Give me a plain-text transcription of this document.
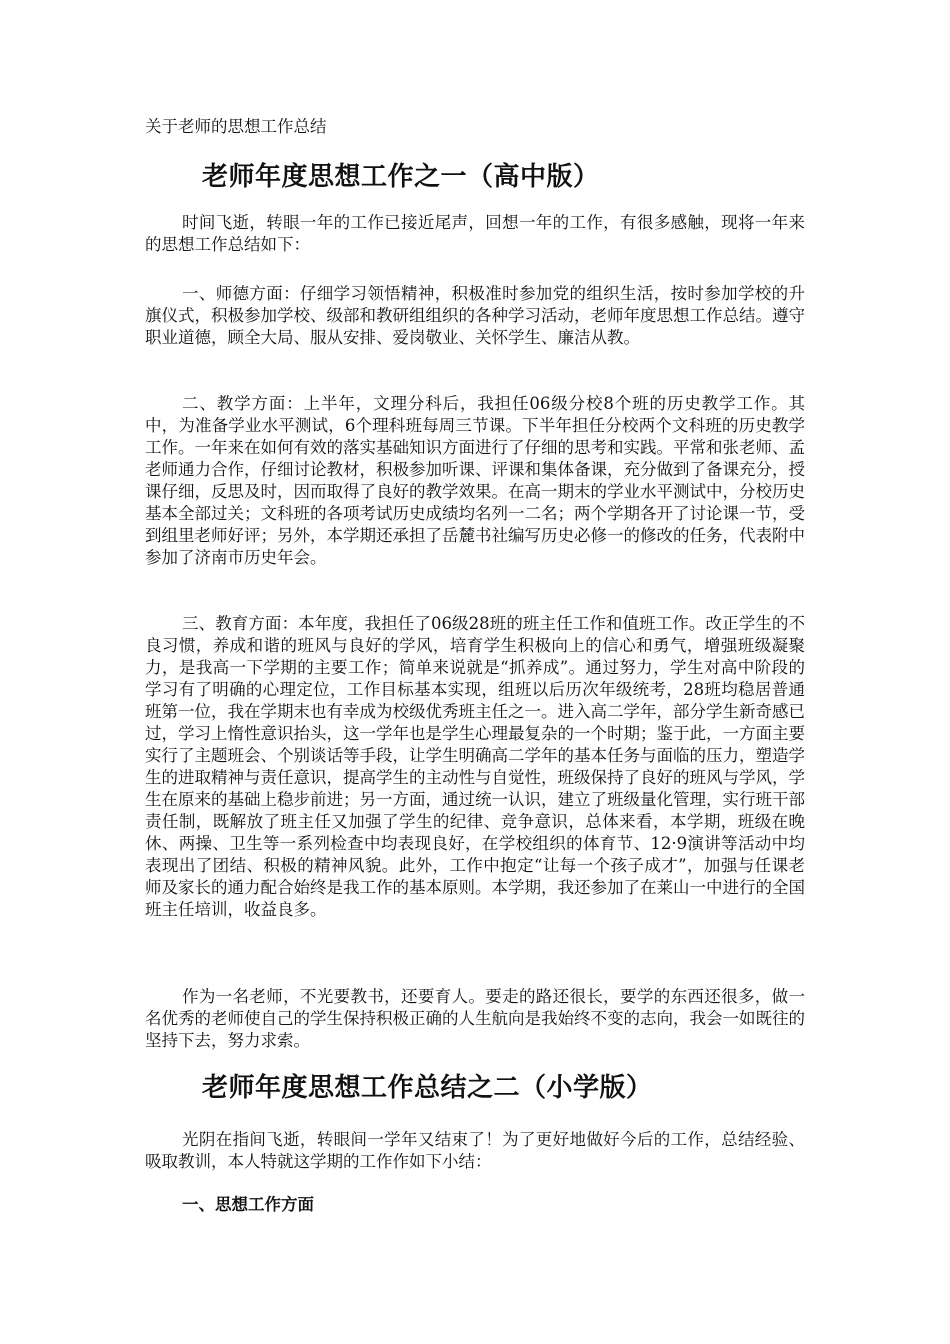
关于老师的思想工作总结
老师年度思想工作之一（高中版）

时间飞逝，转眼一年的工作已接近尾声，回想一年的工作，有很多感触，现将一年来的思想工作总结如下：

一、师德方面：仔细学习领悟精神，积极准时参加党的组织生活，按时参加学校的升旗仪式，积极参加学校、级部和教研组组织的各种学习活动，老师年度思想工作总结。遵守职业道德，顾全大局、服从安排、爱岗敬业、关怀学生、廉洁从教。

二、教学方面：上半年，文理分科后，我担任06级分校8个班的历史教学工作。其中，为准备学业水平测试，6个理科班每周三节课。下半年担任分校两个文科班的历史教学工作。一年来在如何有效的落实基础知识方面进行了仔细的思考和实践。平常和张老师、孟老师通力合作，仔细讨论教材，积极参加听课、评课和集体备课，充分做到了备课充分，授课仔细，反思及时，因而取得了良好的教学效果。在高一期末的学业水平测试中，分校历史基本全部过关；文科班的各项考试历史成绩均名列一二名；两个学期各开了讨论课一节，受到组里老师好评；另外，本学期还承担了岳麓书社编写历史必修一的修改的任务，代表附中参加了济南市历史年会。

三、教育方面：本年度，我担任了06级28班的班主任工作和值班工作。改正学生的不良习惯，养成和谐的班风与良好的学风，培育学生积极向上的信心和勇气，增强班级凝聚力，是我高一下学期的主要工作；简单来说就是“抓养成”。通过努力，学生对高中阶段的学习有了明确的心理定位，工作目标基本实现，组班以后历次年级统考，28班均稳居普通班第一位，我在学期末也有幸成为校级优秀班主任之一。进入高二学年，部分学生新奇感已过，学习上惰性意识抬头，这一学年也是学生心理最复杂的一个时期；鉴于此，一方面主要实行了主题班会、个别谈话等手段，让学生明确高二学年的基本任务与面临的压力，塑造学生的进取精神与责任意识，提高学生的主动性与自觉性，班级保持了良好的班风与学风，学生在原来的基础上稳步前进；另一方面，通过统一认识，建立了班级量化管理，实行班干部责任制，既解放了班主任又加强了学生的纪律、竞争意识，总体来看，本学期，班级在晚休、两操、卫生等一系列检查中均表现良好，在学校组织的体育节、12·9演讲等活动中均表现出了团结、积极的精神风貌。此外，工作中抱定“让每一个孩子成才”，加强与任课老师及家长的通力配合始终是我工作的基本原则。本学期，我还参加了在莱山一中进行的全国班主任培训，收益良多。

作为一名老师，不光要教书，还要育人。要走的路还很长，要学的东西还很多，做一名优秀的老师使自己的学生保持积极正确的人生航向是我始终不变的志向，我会一如既往的坚持下去，努力求索。

老师年度思想工作总结之二（小学版）

光阴在指间飞逝，转眼间一学年又结束了！为了更好地做好今后的工作，总结经验、吸取教训，本人特就这学期的工作作如下小结：

一、思想工作方面
